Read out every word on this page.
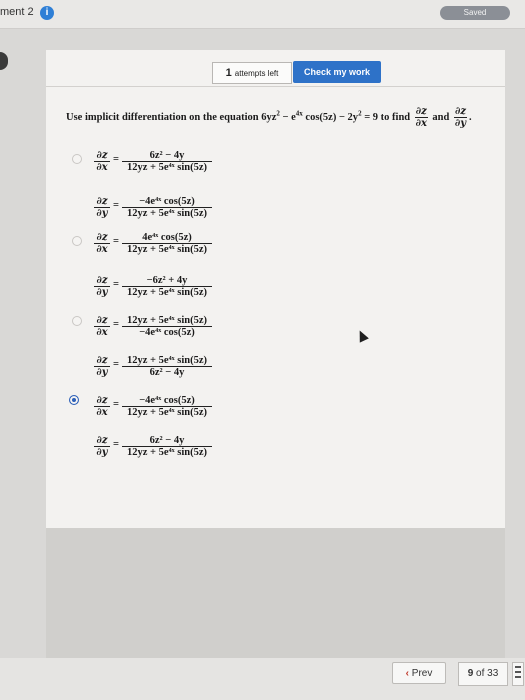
ment 2	i	Saved
1 attempts left	Check my work
Use implicit differentiation on the equation $6yz^2 - e^{4x}$ $\cos(5z) - 2y^2 = 9$ to find $\frac{\partial z}{\partial x}$ and $\frac{\partial z}{\partial y}$ .
∂z
∂x
= $\frac{\text{6z² − 4y}}{\text{12yz + 5e⁴ˣ sin(5z)}}$
∂z
∂y
= $\frac{\text{−4e⁴ˣ cos(5z)}}{\text{12yz + 5e⁴ˣ sin(5z)}}$
∂z
∂x
= $\frac{\text{4e⁴ˣ cos(5z)}}{\text{12yz + 5e⁴ˣ sin(5z)}}$
∂z
∂y
= $\frac{\text{−6z² + 4y}}{\text{12yz + 5e⁴ˣ sin(5z)}}$
∂z
∂x
= $\frac{\text{12yz + 5e⁴ˣ sin(5z)}}{\text{−4e⁴ˣ cos(5z)}}$
∂z
∂y
= $\frac{\text{12yz + 5e⁴ˣ sin(5z)}}{\text{6z² − 4y}}$
∂z
∂x
= $\frac{\text{−4e⁴ˣ cos(5z)}}{\text{12yz + 5e⁴ˣ sin(5z)}}$
∂z
∂y
= $\frac{\text{6z² − 4y}}{\text{12yz + 5e⁴ˣ sin(5z)}}$
‹ Prev	9 of 33
